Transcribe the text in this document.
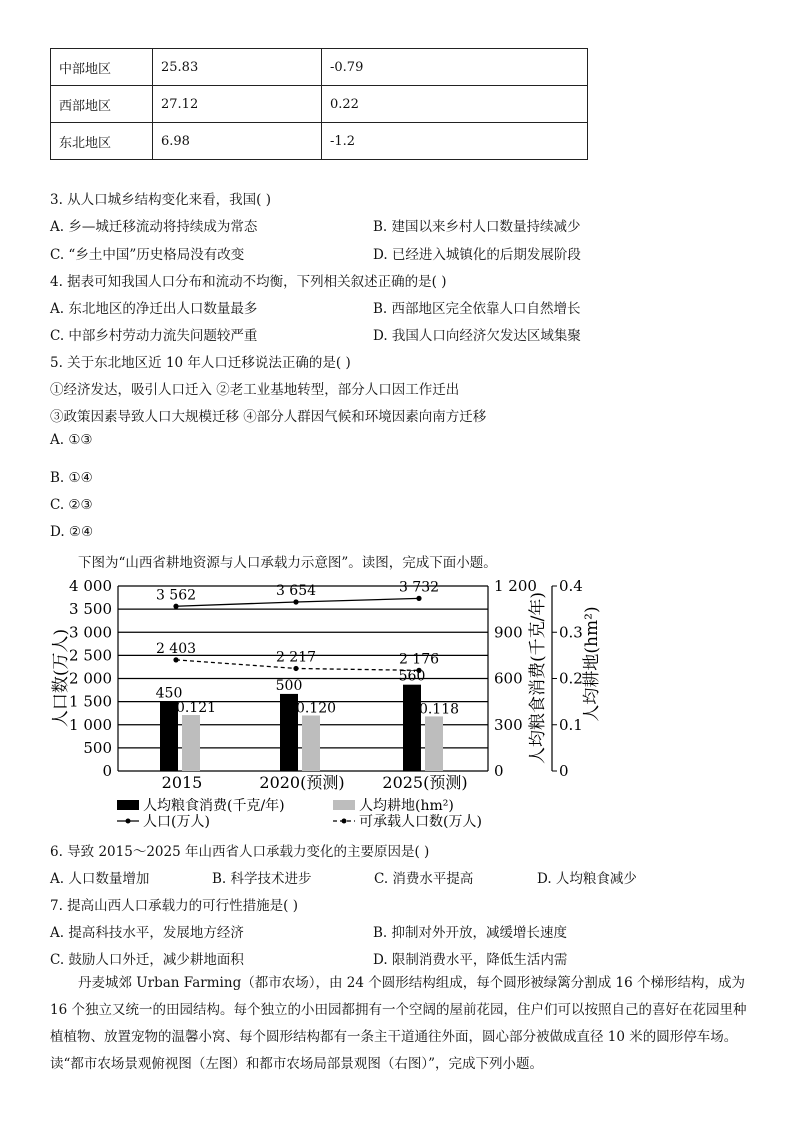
中部地区	25.83	-0.79
西部地区	27.12	0.22
东北地区	6.98	-1.2
3. 从人口城乡结构变化来看，我国( )
A. 乡—城迁移流动将持续成为常态	B. 建国以来乡村人口数量持续减少
C. “乡土中国”历史格局没有改变	D. 已经进入城镇化的后期发展阶段
4. 据表可知我国人口分布和流动不均衡，下列相关叙述正确的是( )
A. 东北地区的净迁出人口数量最多	B. 西部地区完全依靠人口自然增长
C. 中部乡村劳动力流失问题较严重	D. 我国人口向经济欠发达区域集聚
5. 关于东北地区近 10 年人口迁移说法正确的是( )
①经济发达，吸引人口迁入 ②老工业基地转型，部分人口因工作迁出
③政策因素导致人口大规模迁移 ④部分人群因气候和环境因素向南方迁移
A. ①③
B. ①④
C. ②③
D. ②④
下图为“山西省耕地资源与人口承载力示意图”。读图，完成下面小题。
0
500
1 000
1 500
2 000
2 500
3 000
3 500
4 000
0
300
600
900
1 200
0
0.1
0.2
0.3
0.4
人口数(万人)	人均粮食消费(千克/年) 人均耕地(hm²)
2015	2020(预测) 2025(预测)
450
0.121
500
0.120
560
0.118
3 562	3 654	3 732
2 403
2 217	2 176
人均粮食消费(千克/年)	人均耕地(hm²)
人口(万人)	可承载人口数(万人)
6. 导致 2015～2025 年山西省人口承载力变化的主要原因是( )
A. 人口数量增加	B. 科学技术进步	C. 消费水平提高	D. 人均粮食减少
7. 提高山西人口承载力的可行性措施是( )
A. 提高科技水平，发展地方经济	B. 抑制对外开放，减缓增长速度
C. 鼓励人口外迁，减少耕地面积	D. 限制消费水平，降低生活内需
丹麦城郊 Urban Farming（都市农场），由 24 个圆形结构组成，每个圆形被绿篱分割成 16 个梯形结构，成为 16 个独立又统一的田园结构。每个独立的小田园都拥有一个空阔的屋前花园，住户们可以按照自己的喜好在花园里种植植物、放置宠物的温馨小窝、每个圆形结构都有一条主干道通往外面，圆心部分被做成直径 10 米的圆形停车场。读“都市农场景观俯视图（左图）和都市农场局部景观图（右图）”，完成下列小题。
